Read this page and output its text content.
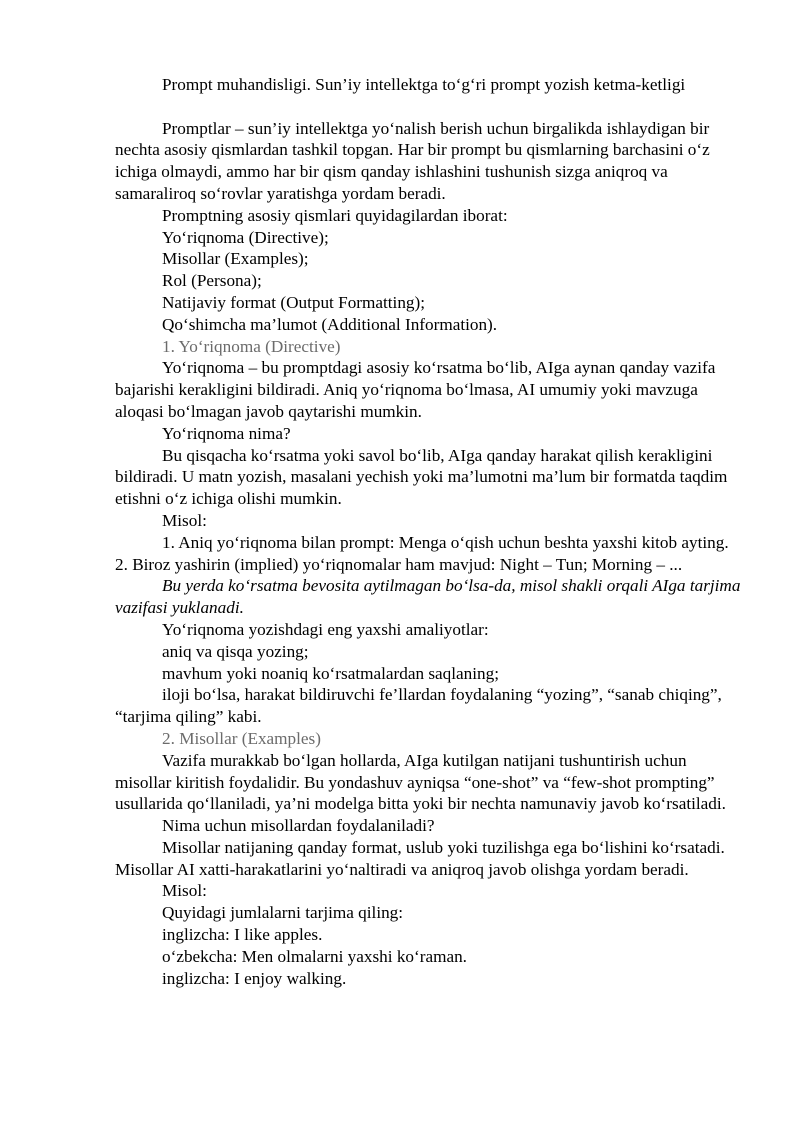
Prompt muhandisligi. Sun’iy intellektga to‘g‘ri prompt yozish ketma-ketligi

Promptlar – sun’iy intellektga yo‘nalish berish uchun birgalikda ishlaydigan bir nechta asosiy qismlardan tashkil topgan. Har bir prompt bu qismlarning barchasini o‘z ichiga olmaydi, ammo har bir qism qanday ishlashini tushunish sizga aniqroq va samaraliroq so‘rovlar yaratishga yordam beradi.

Promptning asosiy qismlari quyidagilardan iborat:

Yo‘riqnoma (Directive);

Misollar (Examples);

Rol (Persona);

Natijaviy format (Output Formatting);

Qo‘shimcha ma’lumot (Additional Information).

1. Yo‘riqnoma (Directive)

Yo‘riqnoma – bu promptdagi asosiy ko‘rsatma bo‘lib, AIga aynan qanday vazifa bajarishi kerakligini bildiradi. Aniq yo‘riqnoma bo‘lmasa, AI umumiy yoki mavzuga aloqasi bo‘lmagan javob qaytarishi mumkin.

Yo‘riqnoma nima?

Bu qisqacha ko‘rsatma yoki savol bo‘lib, AIga qanday harakat qilish kerakligini bildiradi. U matn yozish, masalani yechish yoki ma’lumotni ma’lum bir formatda taqdim etishni o‘z ichiga olishi mumkin.

Misol:

1. Aniq yo‘riqnoma bilan prompt: Menga o‘qish uchun beshta yaxshi kitob ayting.

2. Biroz yashirin (implied) yo‘riqnomalar ham mavjud: Night – Tun; Morning – ...

Bu yerda ko‘rsatma bevosita aytilmagan bo‘lsa-da, misol shakli orqali AIga tarjima vazifasi yuklanadi.

Yo‘riqnoma yozishdagi eng yaxshi amaliyotlar:

aniq va qisqa yozing;

mavhum yoki noaniq ko‘rsatmalardan saqlaning;

iloji bo‘lsa, harakat bildiruvchi fe’llardan foydalaning “yozing”, “sanab chiqing”, “tarjima qiling” kabi.

2. Misollar (Examples)

Vazifa murakkab bo‘lgan hollarda, AIga kutilgan natijani tushuntirish uchun misollar kiritish foydalidir. Bu yondashuv ayniqsa “one-shot” va “few-shot prompting” usullarida qo‘llaniladi, ya’ni modelga bitta yoki bir nechta namunaviy javob ko‘rsatiladi.

Nima uchun misollardan foydalaniladi?

Misollar natijaning qanday format, uslub yoki tuzilishga ega bo‘lishini ko‘rsatadi. Misollar AI xatti-harakatlarini yo‘naltiradi va aniqroq javob olishga yordam beradi.

Misol:

Quyidagi jumlalarni tarjima qiling:

inglizcha: I like apples.

o‘zbekcha: Men olmalarni yaxshi ko‘raman.

inglizcha: I enjoy walking.
